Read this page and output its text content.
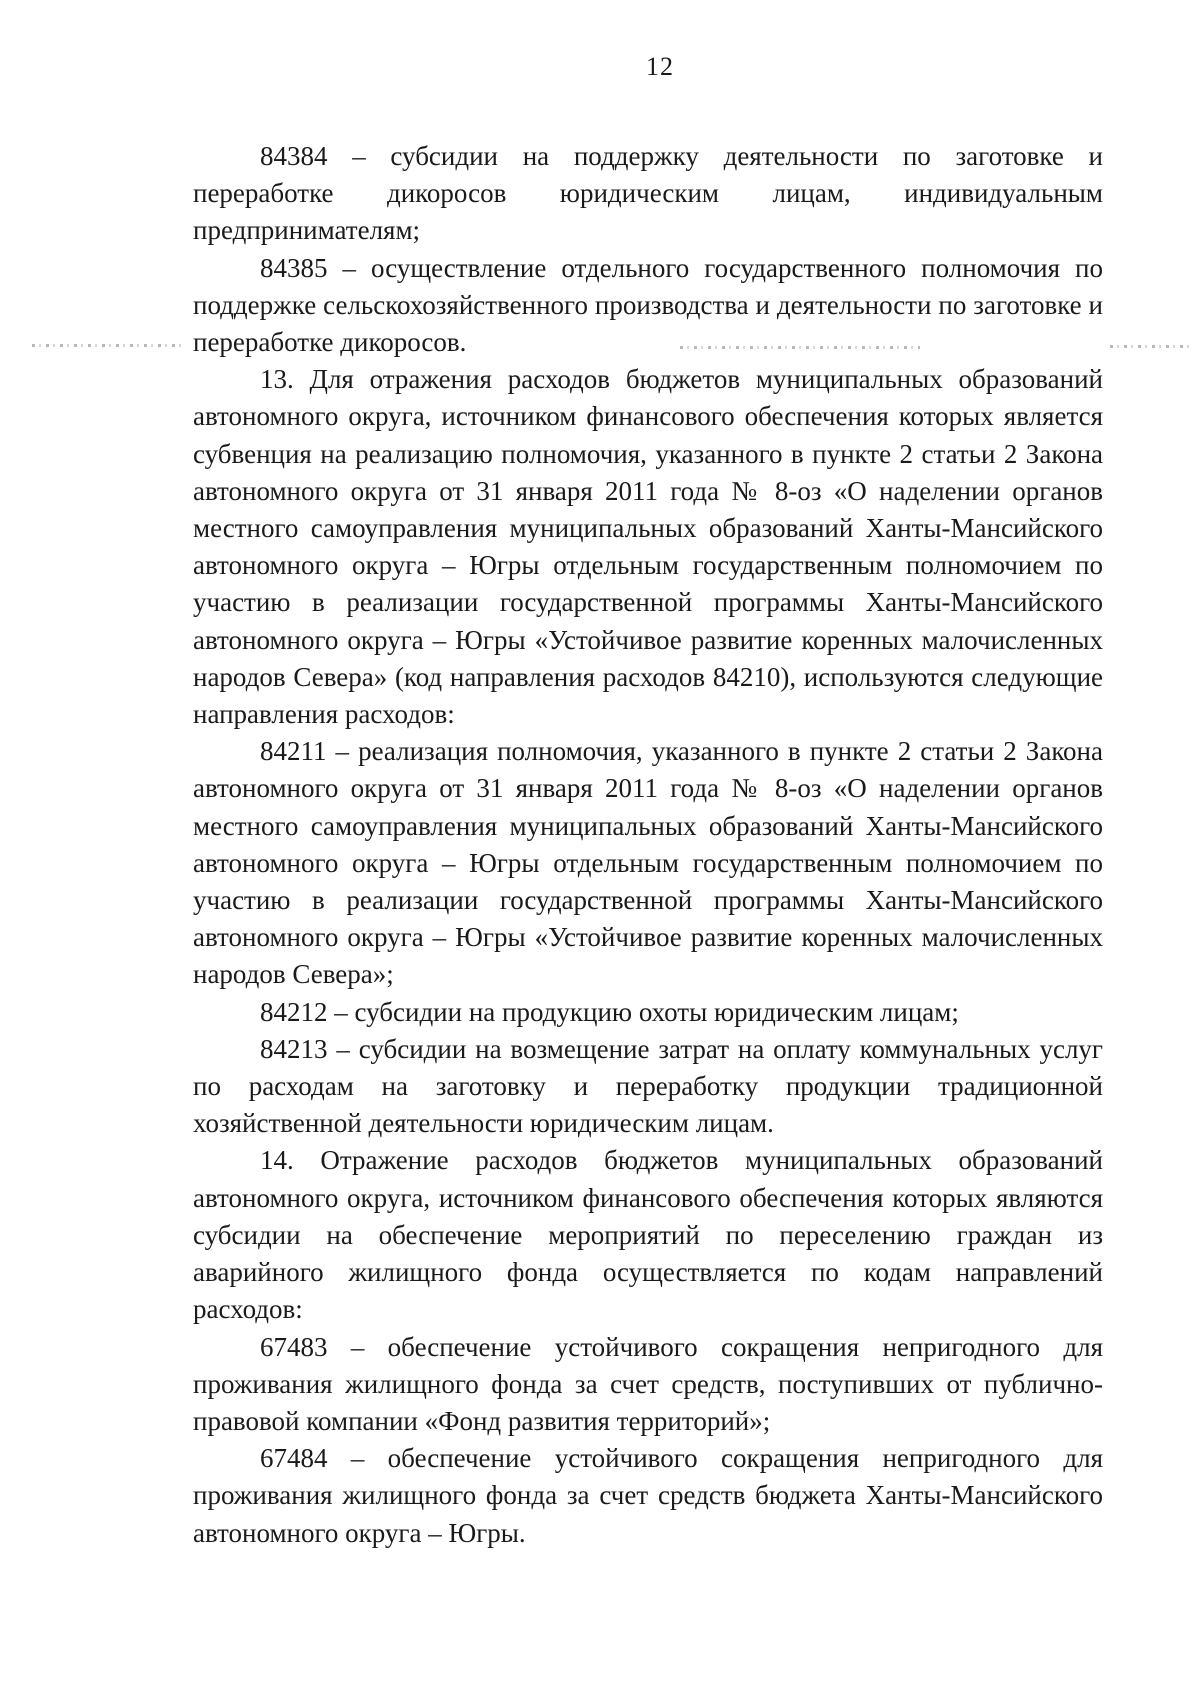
12

84384 – субсидии на поддержку деятельности по заготовке и переработке дикоросов юридическим лицам, индивидуальным предпринимателям;

84385 – осуществление отдельного государственного полномочия по поддержке сельскохозяйственного производства и деятельности по заготовке и переработке дикоросов.

13. Для отражения расходов бюджетов муниципальных образований автономного округа, источником финансового обеспечения которых является субвенция на реализацию полномочия, указанного в пункте 2 статьи 2 Закона автономного округа от 31 января 2011 года № 8-оз «О наделении органов местного самоуправления муниципальных образований Ханты-Мансийского автономного округа – Югры отдельным государственным полномочием по участию в реализации государственной программы Ханты-Мансийского автономного округа – Югры «Устойчивое развитие коренных малочисленных народов Севера» (код направления расходов 84210), используются следующие направления расходов:

84211 – реализация полномочия, указанного в пункте 2 статьи 2 Закона автономного округа от 31 января 2011 года № 8-оз «О наделении органов местного самоуправления муниципальных образований Ханты-Мансийского автономного округа – Югры отдельным государственным полномочием по участию в реализации государственной программы Ханты-Мансийского автономного округа – Югры «Устойчивое развитие коренных малочисленных народов Севера»;

84212 – субсидии на продукцию охоты юридическим лицам;

84213 – субсидии на возмещение затрат на оплату коммунальных услуг по расходам на заготовку и переработку продукции традиционной хозяйственной деятельности юридическим лицам.

14. Отражение расходов бюджетов муниципальных образований автономного округа, источником финансового обеспечения которых являются субсидии на обеспечение мероприятий по переселению граждан из аварийного жилищного фонда осуществляется по кодам направлений расходов:

67483 – обеспечение устойчивого сокращения непригодного для проживания жилищного фонда за счет средств, поступивших от публично-правовой компании «Фонд развития территорий»;

67484 – обеспечение устойчивого сокращения непригодного для проживания жилищного фонда за счет средств бюджета Ханты-Мансийского автономного округа – Югры.
